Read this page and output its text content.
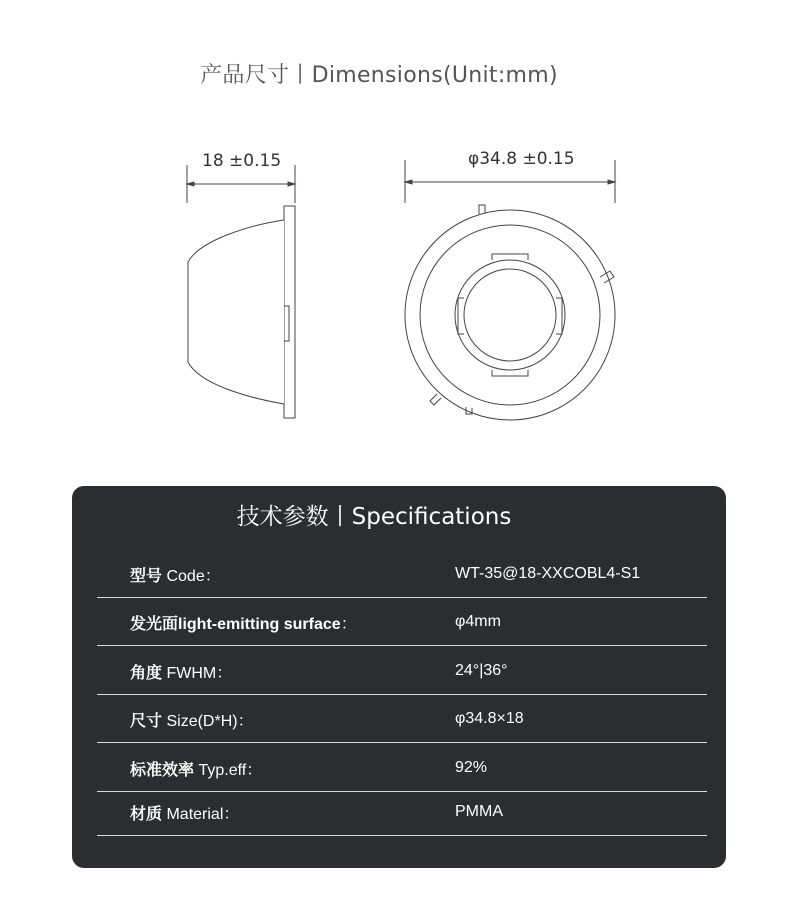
产品尺寸丨Dimensions(Unit:mm)
18 ±0.15	φ34.8 ±0.15
技术参数丨Specifications
型号 Code：	WT-35@18-XXCOBL4-S1
发光面light-emitting surface：	φ4mm
角度 FWHM：	24°|36°
尺寸 Size(D*H)：	φ34.8×18
标准效率 Typ.eff：	92%
材质 Material：	PMMA
